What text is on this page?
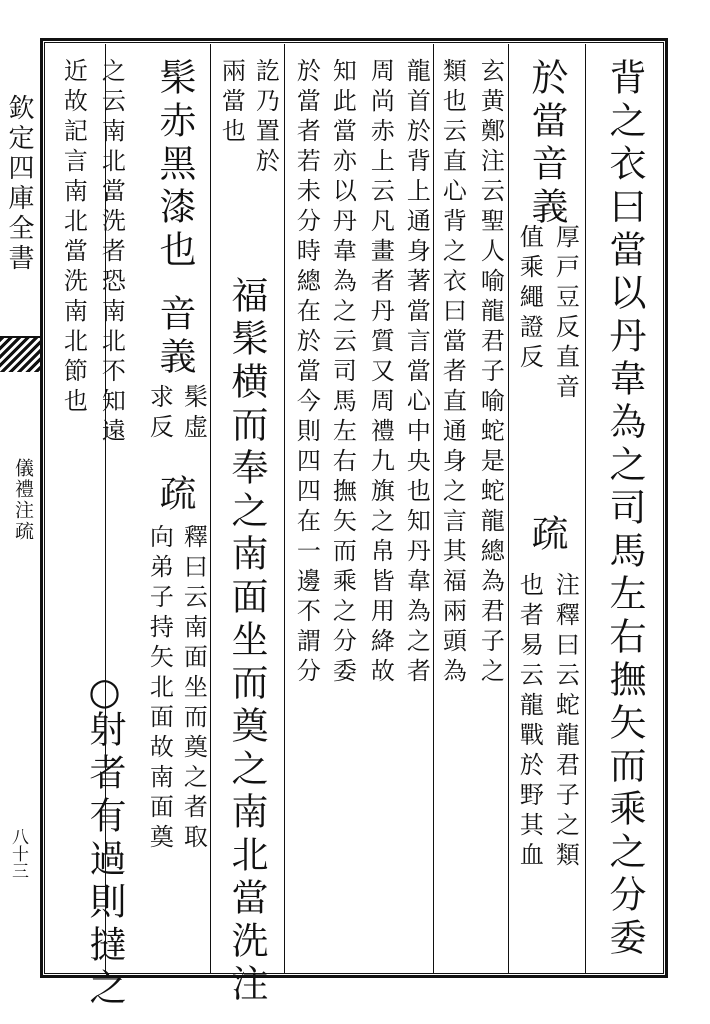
欽定四庫全書
儀禮注疏
八十三	背之衣曰當以丹韋為之司馬左右撫矢而乘之分委
於當
音義
厚戸豆反直音
值乘繩證反
疏
注釋曰云蛇龍君子之類
也者易云龍戰於野其血
玄黄鄭注云聖人喻龍君子喻蛇是蛇龍總為君子之
類也云直心背之衣曰當者直通身之言其福兩頭為
龍首於背上通身著當言當心中央也知丹韋為之者
周尚赤上云凡畫者丹質又周禮九旗之帛皆用絳故
知此當亦以丹韋為之云司馬左右撫矢而乘之分委
於當者若未分時總在於當今則四四在一邊不謂分
訖乃置於
兩當也
福髤横而奉之南面坐而奠之南北當洗注
髤赤黑漆也
音義
髤虚
求反
疏
釋曰云南面坐而奠之者取
向弟子持矢北面故南面奠
之云南北當洗者恐南北不知遠
近故記言南北當洗南北節也
○
射者有過則撻之
